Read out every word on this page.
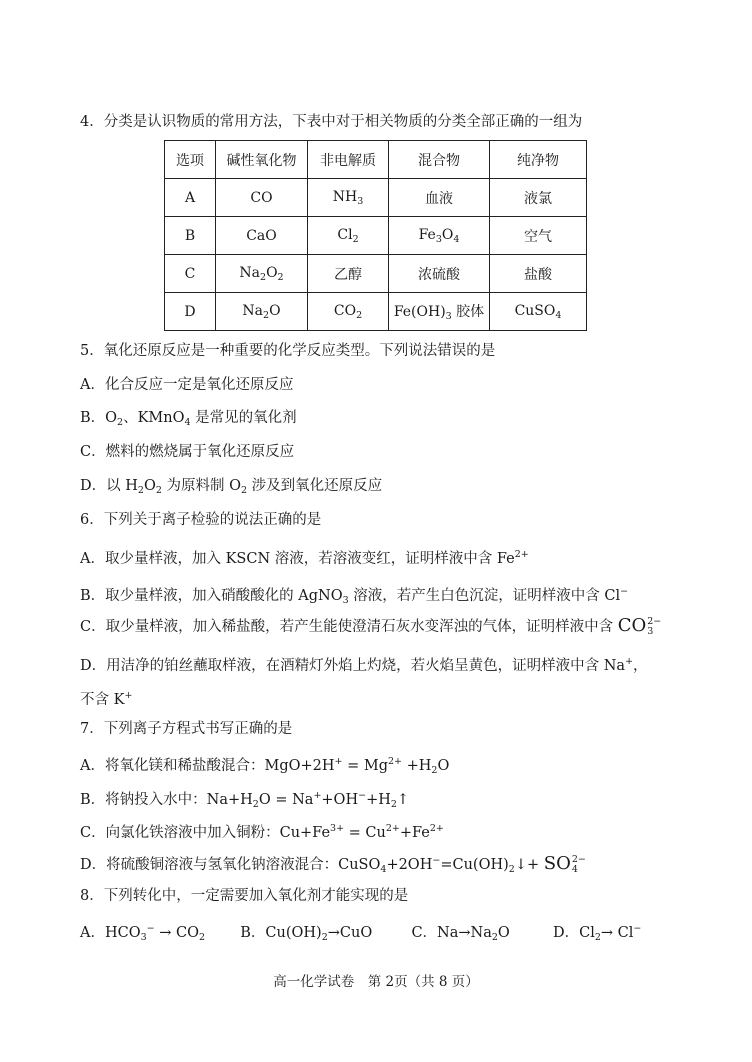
4．分类是认识物质的常用方法，下表中对于相关物质的分类全部正确的一组为
选项	碱性氧化物	非电解质	混合物	纯净物
A	CO	$NH_3$	血液	液氯
B	CaO	$Cl_2$	$Fe_3O_4$	空气
C	$Na_2O_2$	乙醇	浓硫酸	盐酸
D	$Na_2O$	$CO_2$	$Fe(OH)_3$ 胶体	CuSO$_4$
5．氧化还原反应是一种重要的化学反应类型。下列说法错误的是
A．化合反应一定是氧化还原反应
B．$O_2$、KMnO$_4$ 是常见的氧化剂
C．燃料的燃烧属于氧化还原反应
D．以 $H_2O_2$ 为原料制 $O_2$ 涉及到氧化还原反应
6．下列关于离子检验的说法正确的是
A．取少量样液，加入 KSCN 溶液，若溶液变红，证明样液中含 $Fe^{2+}$
B．取少量样液，加入硝酸酸化的 AgNO$_3$ 溶液，若产生白色沉淀，证明样液中含 Cl−
C．取少量样液，加入稀盐酸，若产生能使澄清石灰水变浑浊的气体，证明样液中含 CO 2−
3
D．用洁净的铂丝蘸取样液，在酒精灯外焰上灼烧，若火焰呈黄色，证明样液中含 Na+，
不含 K+
7．下列离子方程式书写正确的是
A．将氧化镁和稀盐酸混合：$MgO+2H^+ = Mg^{2+} +H_2O$
B．将钠投入水中：$Na+H_2O$ = $Na^++OH^-+H_2↑$
C．向氯化铁溶液中加入铜粉：$Cu+Fe^{3+} = Cu^{2+}+Fe^{2+}$
D．将硫酸铜溶液与氢氧化钠溶液混合：$CuSO_4+2OH^-=Cu(OH)_2↓+$ SO 2−
4
8．下列转化中，一定需要加入氧化剂才能实现的是
A．$HCO_3^- \to CO_2$ B．$Cu(OH)_2\to CuO$	C．$Na\to Na_2O$	D．$Cl_2\to Cl^-$
高一化学试卷　第 2页（共 8 页）
